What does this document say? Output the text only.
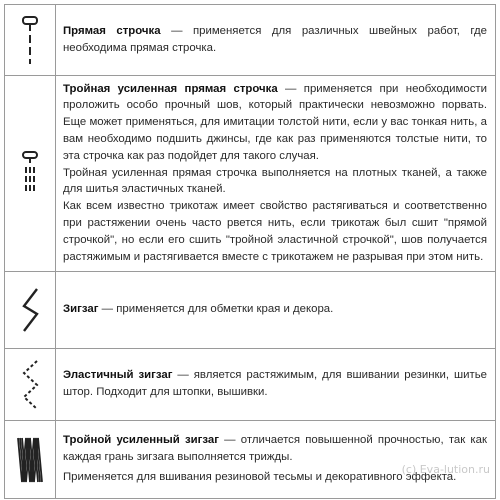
Прямая строчка — применяется для различных швейных работ, где необходима прямая строчка.

Тройная усиленная прямая строчка — применяется при необходимости проложить особо прочный шов, который практически невозможно порвать. Еще может применяться, для имитации толстой нити, если у вас тонкая нить, а вам необходимо подшить джинсы, где как раз применяются толстые нити, то эта строчка как раз подойдет для такого случая.

Тройная усиленная прямая строчка выполняется на плотных тканей, а также для шитья эластичных тканей.

Как всем известно трикотаж имеет свойство растягиваться и соответственно при растяжении очень часто рвется нить, если трикотаж был сшит "прямой строчкой", но если его сшить "тройной эластичной строчкой", шов получается растяжимым и растягивается вместе с трикотажем не разрывая при этом нить.

Зигзаг — применяется для обметки края и декора.

Эластичный зигзаг — является растяжимым, для вшивании резинки, шитье штор. Подходит для штопки, вышивки.

Тройной усиленный зигзаг — отличается повышенной прочностью, так как каждая грань зигзага выполняется трижды.

Применяется для вшивания резиновой тесьмы и декоративного эффекта.

(c) Eva-lution.ru
